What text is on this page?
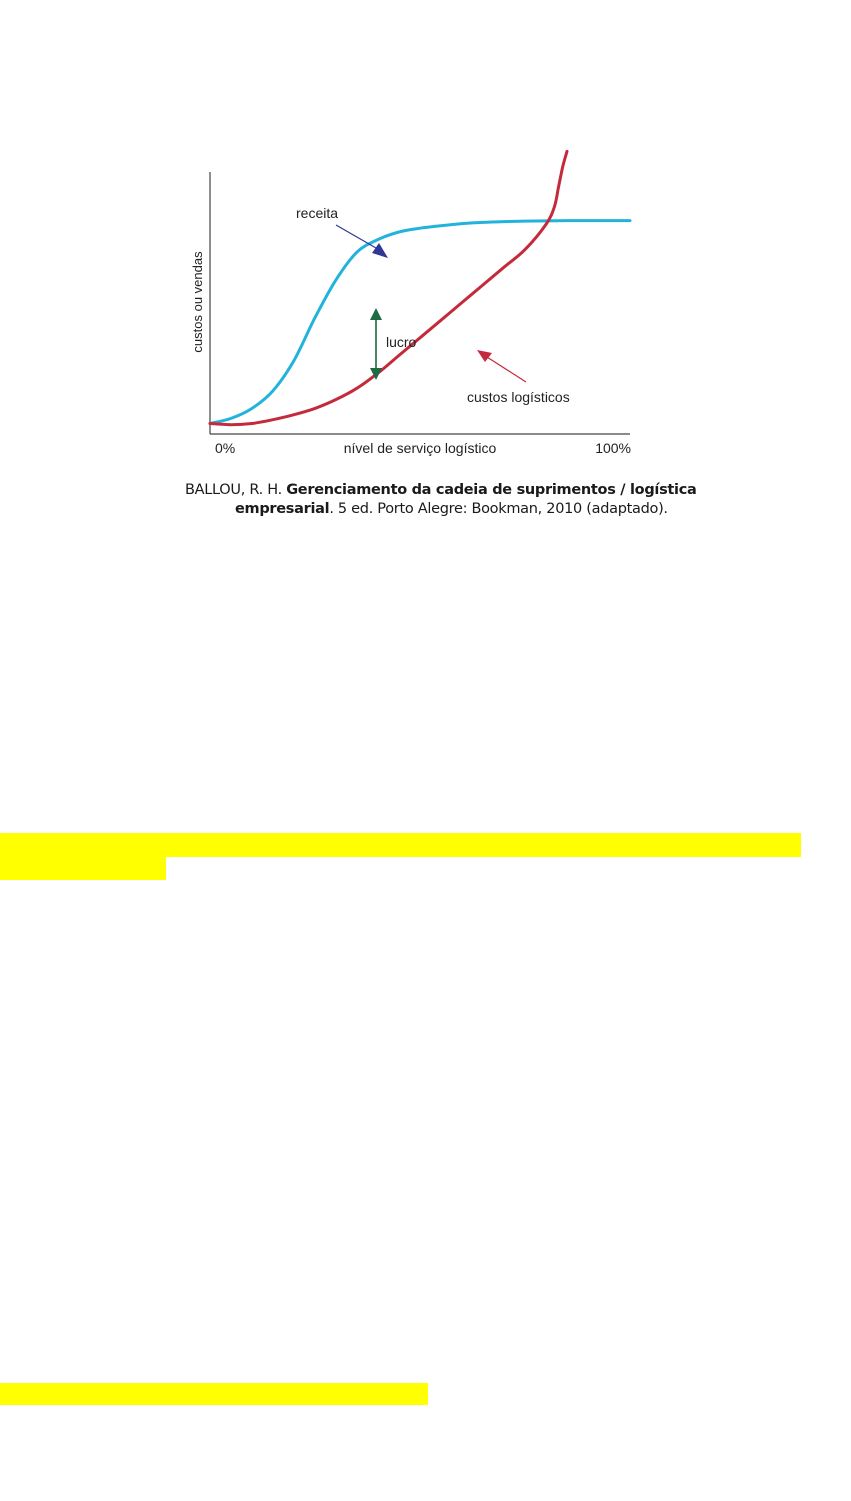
custos ou vendas
0%	nível de serviço logístico	100%
receita
lucro
custos logísticos
BALLOU, R. H. Gerenciamento da cadeia de suprimentos / logística
empresarial. 5 ed. Porto Alegre: Bookman, 2010 (adaptado).
